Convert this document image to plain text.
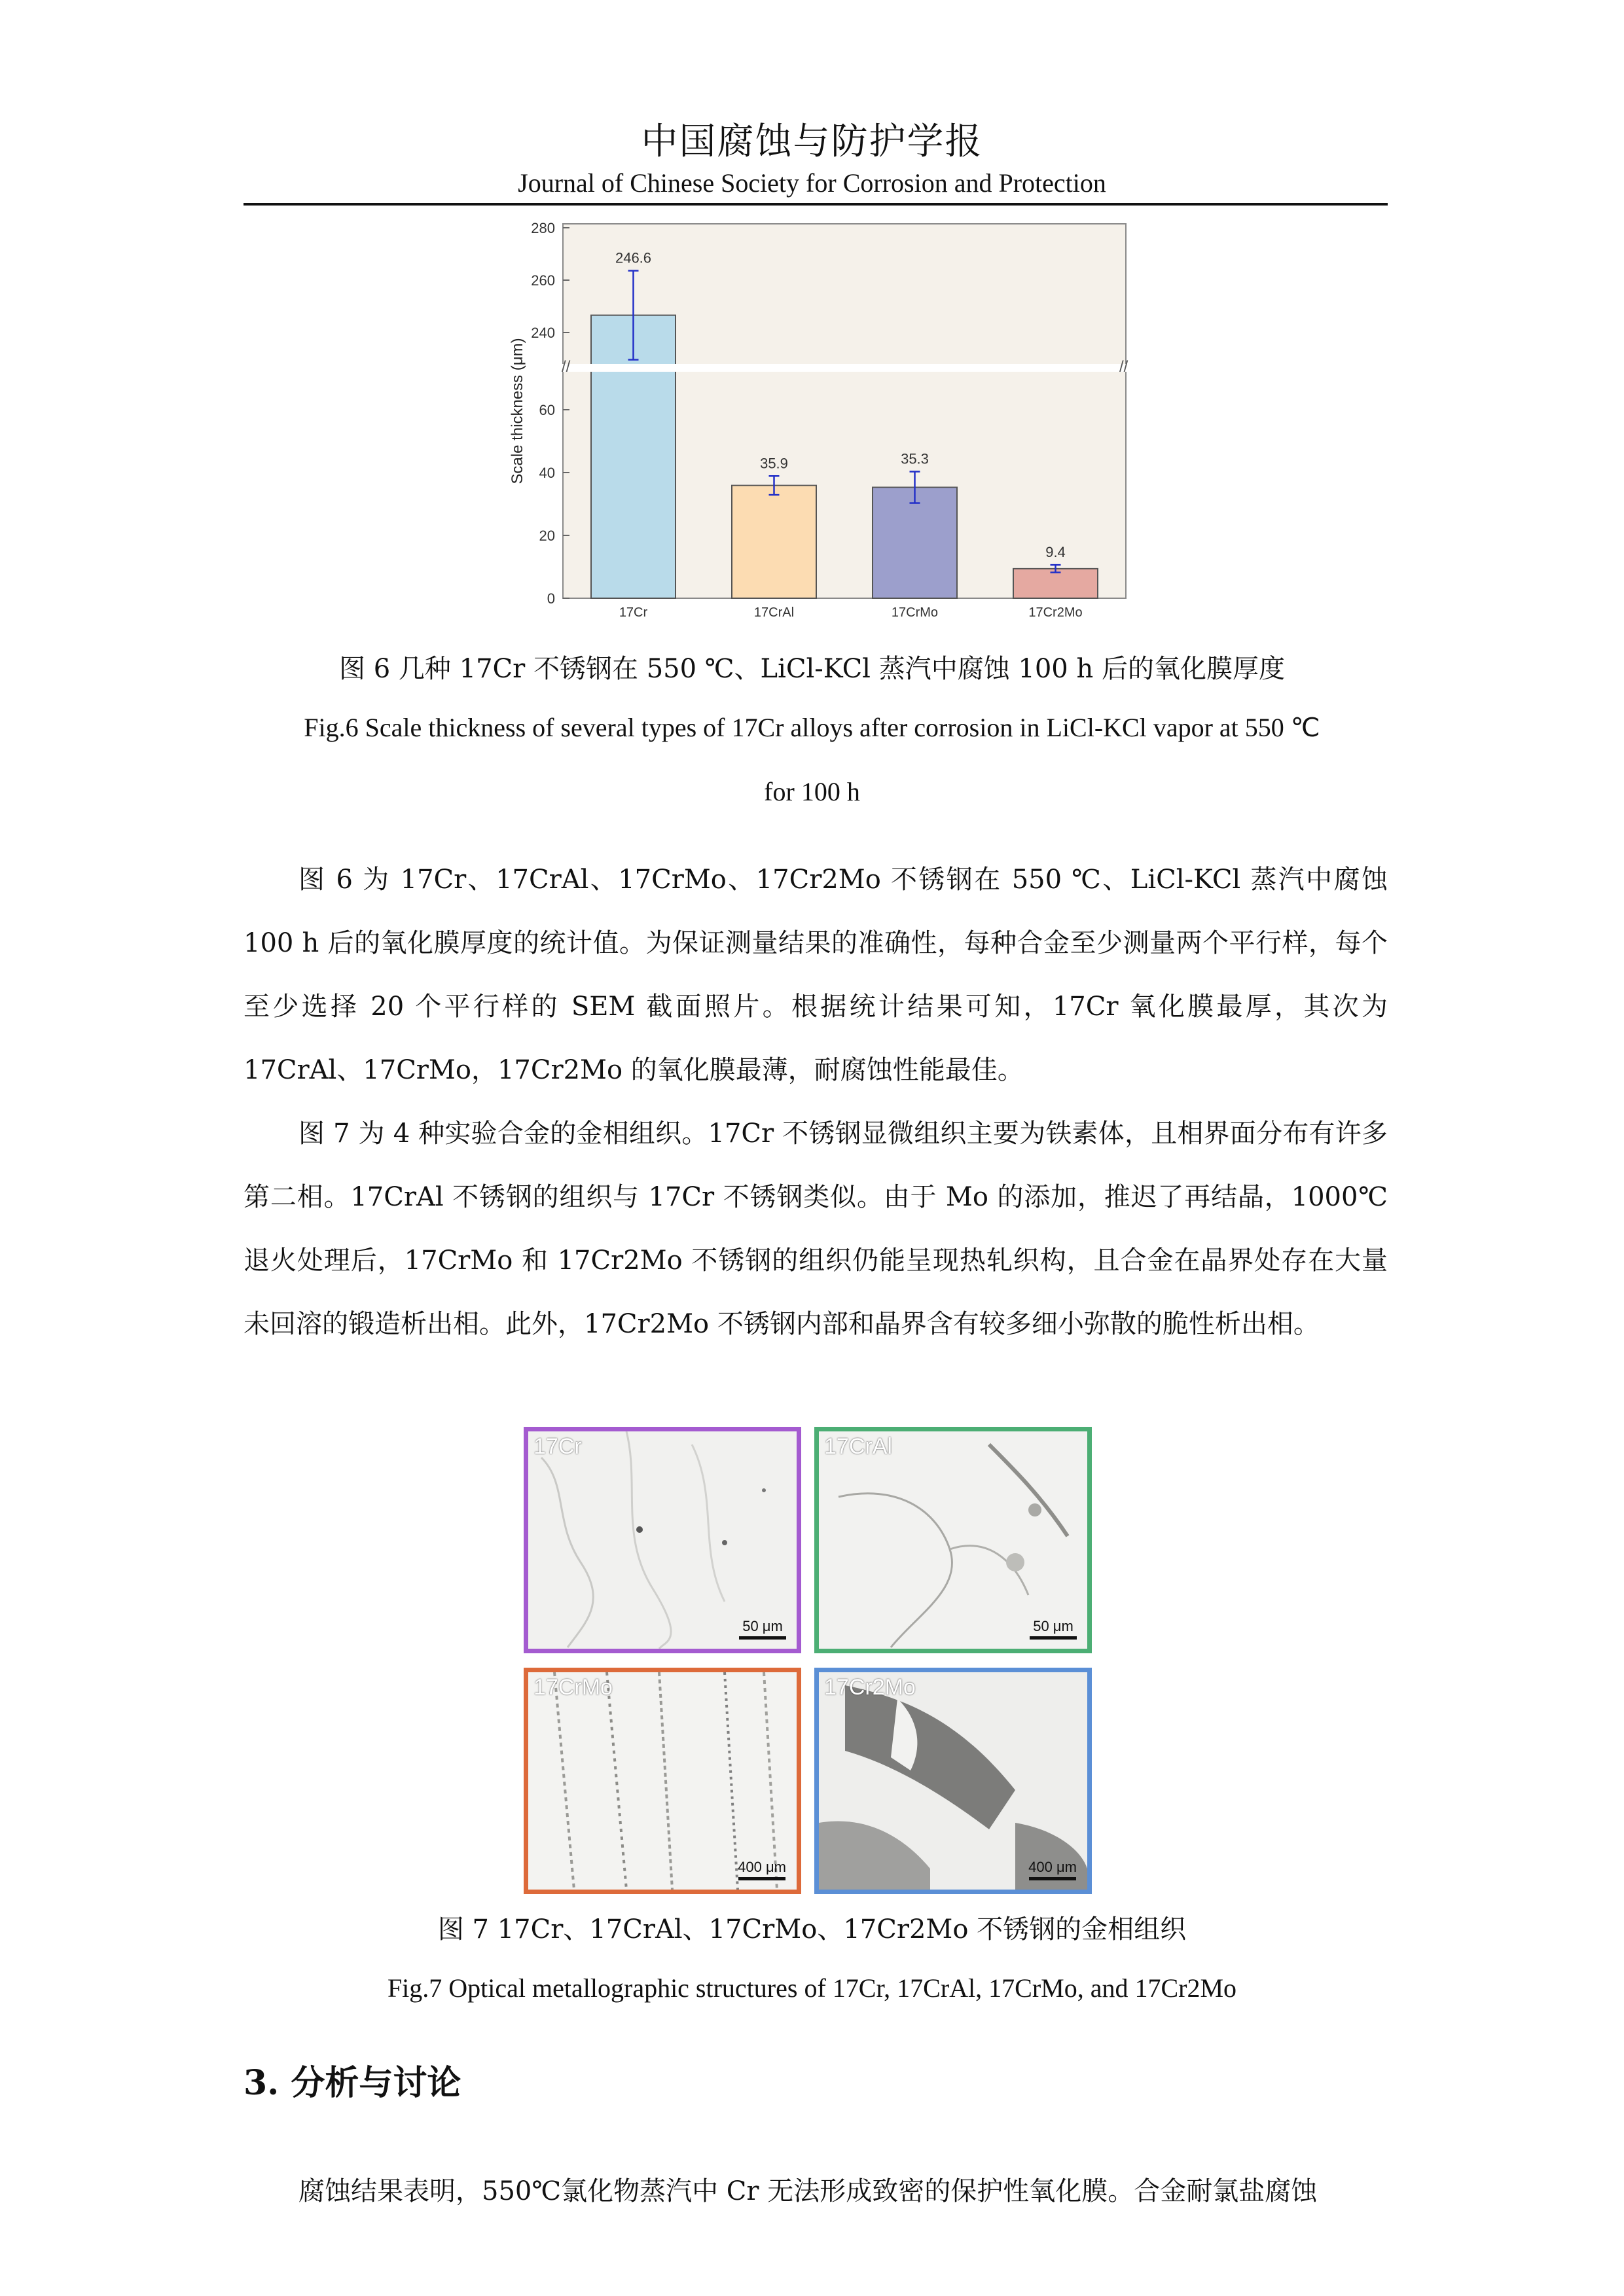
中国腐蚀与防护学报
Journal of Chinese Society for Corrosion and Protection
0
20
40
60
240
260
280
246.6
35.9	35.3
9.4
17Cr	17CrAl	17CrMo	17Cr2Mo
//	//
Scale thickness (μm)
图 6 几种 17Cr 不锈钢在 550 ℃、LiCl-KCl 蒸汽中腐蚀 100 h 后的氧化膜厚度
Fig.6 Scale thickness of several types of 17Cr alloys after corrosion in LiCl-KCl vapor at 550 ℃
for 100 h
图 6 为 17Cr、17CrAl、17CrMo、17Cr2Mo 不锈钢在 550 ℃、LiCl-KCl 蒸汽中腐蚀 100 h 后的氧化膜厚度的统计值。为保证测量结果的准确性，每种合金至少测量两个平行样，每个至少选择 20 个平行样的 SEM 截面照片。根据统计结果可知，17Cr 氧化膜最厚，其次为 17CrAl、17CrMo，17Cr2Mo 的氧化膜最薄，耐腐蚀性能最佳。
图 7 为 4 种实验合金的金相组织。17Cr 不锈钢显微组织主要为铁素体，且相界面分布有许多第二相。17CrAl 不锈钢的组织与 17Cr 不锈钢类似。由于 Mo 的添加，推迟了再结晶，1000℃退火处理后，17CrMo 和 17Cr2Mo 不锈钢的组织仍能呈现热轧织构，且合金在晶界处存在大量未回溶的锻造析出相。此外，17Cr2Mo 不锈钢内部和晶界含有较多细小弥散的脆性析出相。
17Cr
50 μm
17CrAl
50 μm
17CrMo
400 μm
17Cr2Mo
400 μm
图 7 17Cr、17CrAl、17CrMo、17Cr2Mo 不锈钢的金相组织
Fig.7 Optical metallographic structures of 17Cr, 17CrAl, 17CrMo, and 17Cr2Mo
3. 分析与讨论
腐蚀结果表明，550℃氯化物蒸汽中 Cr 无法形成致密的保护性氧化膜。合金耐氯盐腐蚀
